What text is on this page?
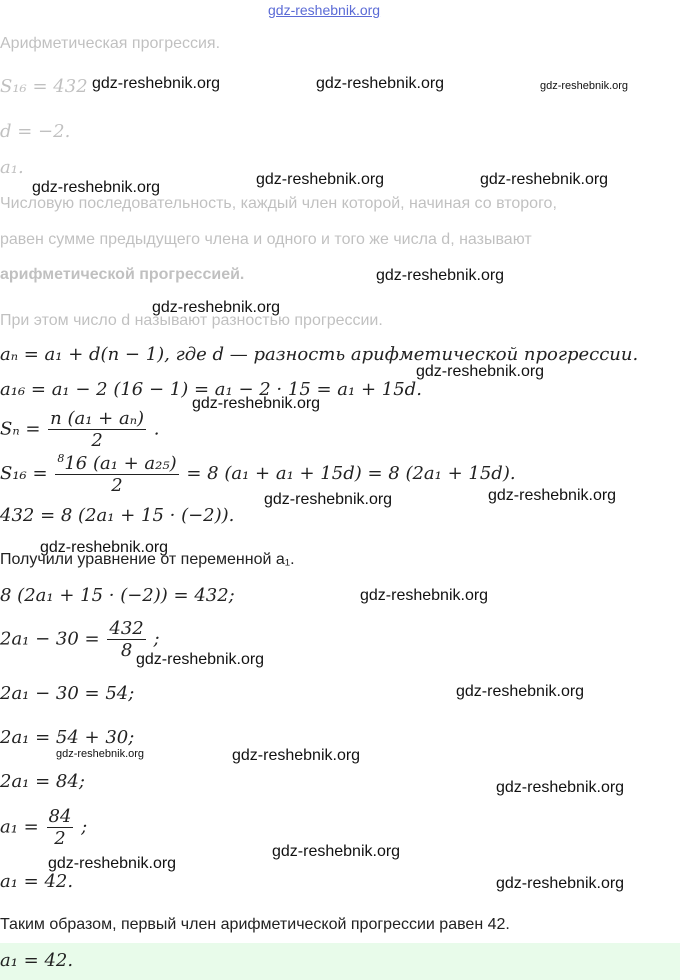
gdz-reshebnik.org
Арифметическая прогрессия.
S₁₆ = 432
d = −2.
a₁.
Числовую последовательность, каждый член которой, начиная со второго,
равен сумме предыдущего члена и одного и того же числа d, называют
арифметической прогрессией.
При этом число d называют разностью прогрессии.
aₙ = a₁ + d(n − 1), где d — разность арифметической прогрессии.
a₁₆ = a₁ − 2 (16 − 1) = a₁ − 2 · 15 = a₁ + 15d.
$S_n = \frac{\text{n (a₁ + aₙ)}}{2}$ .
$S_{16} = \frac{^816 (a_1 + a_{25})}{2} = 8$ (a₁ + a₁ + 15d) = 8 (2a₁ + 15d).
432 = 8 (2a₁ + 15 · (−2)).
Получили уравнение от переменной a₁.
8 (2a₁ + 15 · (−2)) = 432;
$2a_1 - 30 = \frac{432}{8}$ ;
2a₁ − 30 = 54;
2a₁ = 54 + 30;
2a₁ = 84;
$a_1 = \frac{84}{2}$ ;
a₁ = 42.
Таким образом, первый член арифметической прогрессии равен 42.
a₁ = 42.
gdz-reshebnik.org	gdz-reshebnik.org	gdz-reshebnik.org
gdz-reshebnik.org	gdz-reshebnik.org	gdz-reshebnik.org
gdz-reshebnik.org
gdz-reshebnik.org
gdz-reshebnik.org
gdz-reshebnik.org
gdz-reshebnik.org	gdz-reshebnik.org
gdz-reshebnik.org
gdz-reshebnik.org
gdz-reshebnik.org
gdz-reshebnik.org
gdz-reshebnik.org	gdz-reshebnik.org
gdz-reshebnik.org
gdz-reshebnik.org
gdz-reshebnik.org
gdz-reshebnik.org
